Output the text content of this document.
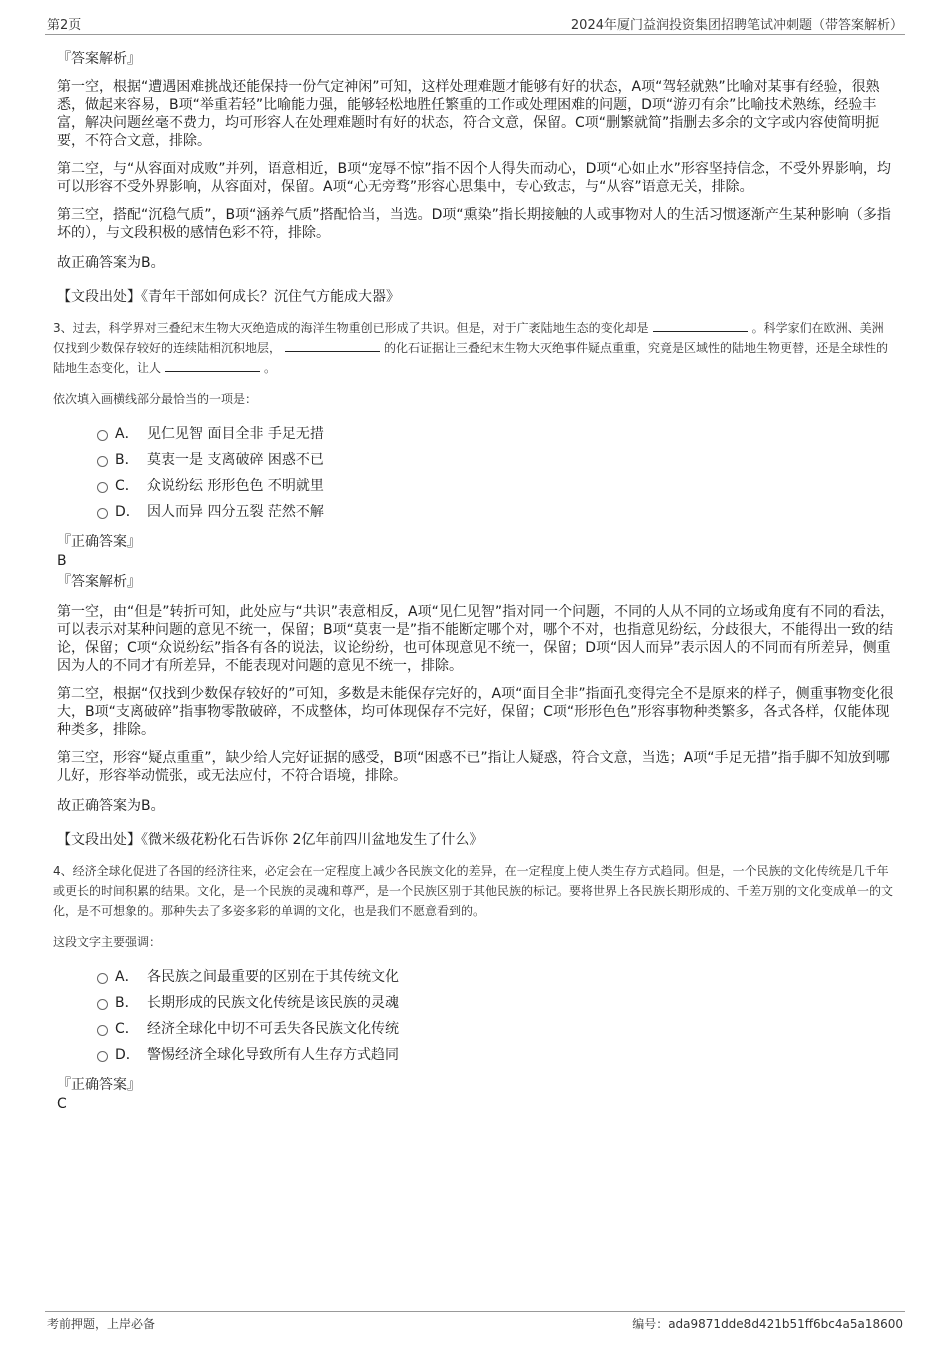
第2页	2024年厦门益润投资集团招聘笔试冲刺题（带答案解析）
『答案解析』

第一空，根据“遭遇困难挑战还能保持一份气定神闲”可知，这样处理难题才能够有好的状态，A项“驾轻就熟”比喻对某事有经验，很熟悉，做起来容易，B项“举重若轻”比喻能力强，能够轻松地胜任繁重的工作或处理困难的问题，D项“游刃有余”比喻技术熟练，经验丰富，解决问题丝毫不费力，均可形容人在处理难题时有好的状态，符合文意，保留。C项“删繁就简”指删去多余的文字或内容使简明扼要，不符合文意，排除。

第二空，与“从容面对成败”并列，语意相近，B项“宠辱不惊”指不因个人得失而动心，D项“心如止水”形容坚持信念，不受外界影响，均可以形容不受外界影响，从容面对，保留。A项“心无旁骛”形容心思集中，专心致志，与“从容”语意无关，排除。

第三空，搭配“沉稳气质”，B项“涵养气质”搭配恰当，当选。D项“熏染”指长期接触的人或事物对人的生活习惯逐渐产生某种影响（多指坏的），与文段积极的感情色彩不符，排除。

故正确答案为B。
【文段出处】《青年干部如何成长？沉住气方能成大器》
3、过去，科学界对三叠纪末生物大灭绝造成的海洋生物重创已形成了共识。但是，对于广袤陆地生态的变化却是	。科学家们在欧洲、美洲仅找到少数保存较好的连续陆相沉积地层，	的化石证据让三叠纪末生物大灭绝事件疑点重重，究竟是区域性的陆地生物更替，还是全球性的陆地生态变化，让人	。
依次填入画横线部分最恰当的一项是：
A． 见仁见智 面目全非 手足无措
B． 莫衷一是 支离破碎 困惑不已
C． 众说纷纭 形形色色 不明就里
D． 因人而异 四分五裂 茫然不解
『正确答案』
B
『答案解析』

第一空，由“但是”转折可知，此处应与“共识”表意相反，A项“见仁见智”指对同一个问题，不同的人从不同的立场或角度有不同的看法，可以表示对某种问题的意见不统一，保留；B项“莫衷一是”指不能断定哪个对，哪个不对，也指意见纷纭，分歧很大，不能得出一致的结论，保留；C项“众说纷纭”指各有各的说法，议论纷纷，也可体现意见不统一，保留；D项“因人而异”表示因人的不同而有所差异，侧重因为人的不同才有所差异，不能表现对问题的意见不统一，排除。

第二空，根据“仅找到少数保存较好的”可知，多数是未能保存完好的，A项“面目全非”指面孔变得完全不是原来的样子，侧重事物变化很大，B项“支离破碎”指事物零散破碎，不成整体，均可体现保存不完好，保留；C项“形形色色”形容事物种类繁多，各式各样，仅能体现种类多，排除。

第三空，形容“疑点重重”，缺少给人完好证据的感受，B项“困惑不已”指让人疑惑，符合文意，当选；A项“手足无措”指手脚不知放到哪儿好，形容举动慌张，或无法应付，不符合语境，排除。

故正确答案为B。
【文段出处】《微米级花粉化石告诉你 2亿年前四川盆地发生了什么》
4、经济全球化促进了各国的经济往来，必定会在一定程度上减少各民族文化的差异，在一定程度上使人类生存方式趋同。但是，一个民族的文化传统是几千年或更长的时间积累的结果。文化，是一个民族的灵魂和尊严，是一个民族区别于其他民族的标记。要将世界上各民族长期形成的、千差万别的文化变成单一的文化，是不可想象的。那种失去了多姿多彩的单调的文化，也是我们不愿意看到的。
这段文字主要强调：
A． 各民族之间最重要的区别在于其传统文化
B． 长期形成的民族文化传统是该民族的灵魂
C． 经济全球化中切不可丢失各民族文化传统
D． 警惕经济全球化导致所有人生存方式趋同
『正确答案』
C
考前押题，上岸必备	编号：ada9871dde8d421b51ff6bc4a5a18600
